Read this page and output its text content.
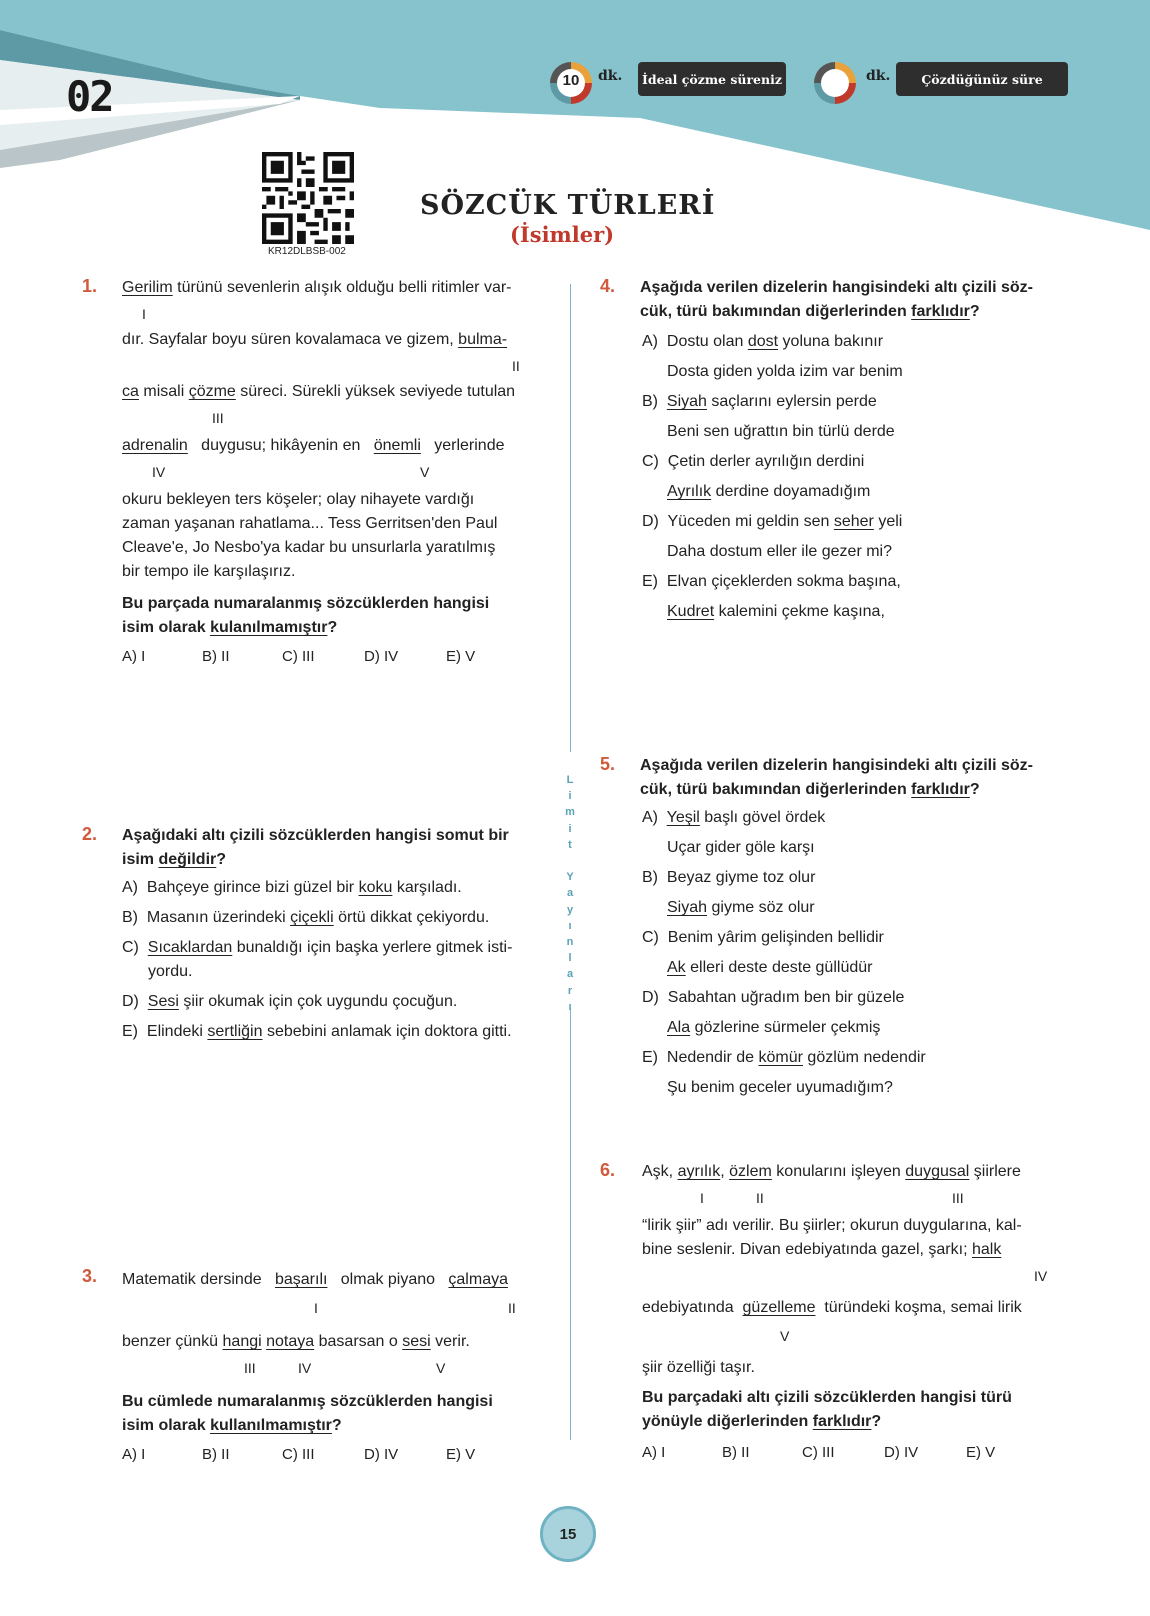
02	10	dk.	İdeal çözme süreniz	dk.	Çözdüğünüz süre
KR12DLBSB-002
SÖZCÜK TÜRLERİ
(İsimler)
L
i
m
i
t

Y
a
y
ı
n
l
a
r
ı
1. Gerilim türünü sevenlerin alışık olduğu belli ritimler var-
I
dır. Sayfalar boyu süren kovalamaca ve gizem, bulma-
II
ca misali çözme süreci. Sürekli yüksek seviyede tutulan
III
adrenalin duygusu; hikâyenin en önemli yerlerinde
IV	V
okuru bekleyen ters köşeler; olay nihayete vardığı
zaman yaşanan rahatlama... Tess Gerritsen'den Paul
Cleave'e, Jo Nesbo'ya kadar bu unsurlarla yaratılmış
bir tempo ile karşılaşırız.
Bu parçada numaralanmış sözcüklerden hangisi
isim olarak kulanılmamıştır?
A) I	B) II	C) III	D) IV	E) V
2. Aşağıdaki altı çizili sözcüklerden hangisi somut bir
isim değildir?
A) Bahçeye girince bizi güzel bir koku karşıladı.
B) Masanın üzerindeki çiçekli örtü dikkat çekiyordu.
C) Sıcaklardan bunaldığı için başka yerlere gitmek isti-
yordu.
D) Sesi şiir okumak için çok uygundu çocuğun.
E) Elindeki sertliğin sebebini anlamak için doktora gitti.
3. Matematik dersinde başarılı olmak piyano çalmaya
I	II
benzer çünkü hangi notaya basarsan o sesi verir.
III	IV	V
Bu cümlede numaralanmış sözcüklerden hangisi
isim olarak kullanılmamıştır?
A) I	B) II	C) III	D) IV	E) V
4. Aşağıda verilen dizelerin hangisindeki altı çizili söz-
cük, türü bakımından diğerlerinden farklıdır?
A) Dostu olan dost yoluna bakınır
Dosta giden yolda izim var benim
B) Siyah saçlarını eylersin perde
Beni sen uğrattın bin türlü derde
C) Çetin derler ayrılığın derdini
Ayrılık derdine doyamadığım
D) Yüceden mi geldin sen seher yeli
Daha dostum eller ile gezer mi?
E) Elvan çiçeklerden sokma başına,
Kudret kalemini çekme kaşına,
5. Aşağıda verilen dizelerin hangisindeki altı çizili söz-
cük, türü bakımından diğerlerinden farklıdır?
A) Yeşil başlı gövel ördek
Uçar gider göle karşı
B) Beyaz giyme toz olur
Siyah giyme söz olur
C) Benim yârim gelişinden bellidir
Ak elleri deste deste güllüdür
D) Sabahtan uğradım ben bir güzele
Ala gözlerine sürmeler çekmiş
E) Nedendir de kömür gözlüm nedendir
Şu benim geceler uyumadığım?
6. Aşk, ayrılık, özlem konularını işleyen duygusal şiirlere
I	II	III
“lirik şiir” adı verilir. Bu şiirler; okurun duygularına, kal-
bine seslenir. Divan edebiyatında gazel, şarkı; halk
IV
edebiyatında güzelleme türündeki koşma, semai lirik
V
şiir özelliği taşır.
Bu parçadaki altı çizili sözcüklerden hangisi türü
yönüyle diğerlerinden farklıdır?
A) I	B) II	C) III	D) IV	E) V
15
